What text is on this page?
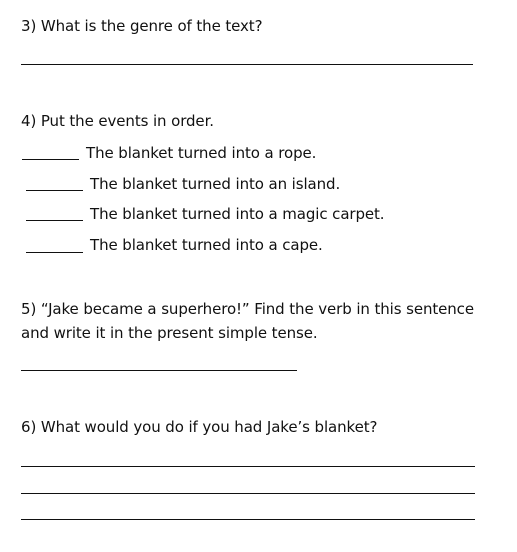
3) What is the genre of the text?
4) Put the events in order.
The blanket turned into a rope.
The blanket turned into an island.
The blanket turned into a magic carpet.
The blanket turned into a cape.
5) “Jake became a superhero!” Find the verb in this sentence
and write it in the present simple tense.
6) What would you do if you had Jake’s blanket?
